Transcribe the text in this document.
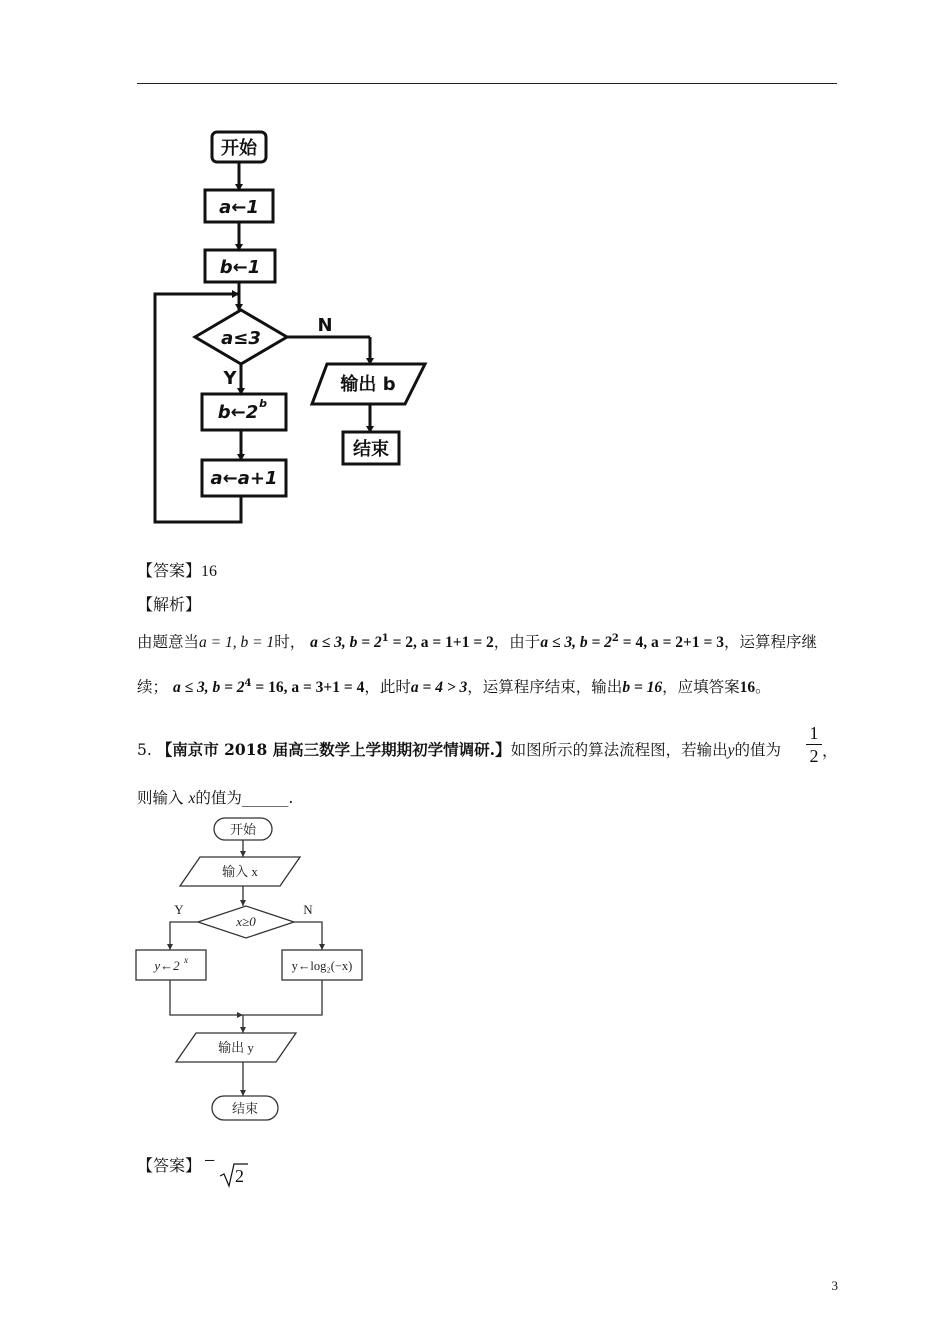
开始
a←1
b←1
a≤3
输出 b
结束
b←2 b
a←a+1
N
Y
【答案】16
【解析】
由题意当a = 1, b = 1时， a ≤ 3, $b = 2^1 = 2$, a = 1+1 = 2，由于a ≤ 3, $b = 2^2 = 4$, a = 2+1 = 3，运算程序继
续； a ≤ 3, $b = 2^4 = 16$, a = 3+1 = 4，此时a = 4 > 3，运算程序结束，输出b = 16，应填答案16。
5. 【南京市 2018 届高三数学上学期期初学情调研.】如图所示的算法流程图，若输出y的值为
1
2 ，
则输入 x的值为______.
开始
输入 x
x≥0
Y	N
y←2 x	y←log₂(−x)
输出 y
结束
【答案】 −
2
3
